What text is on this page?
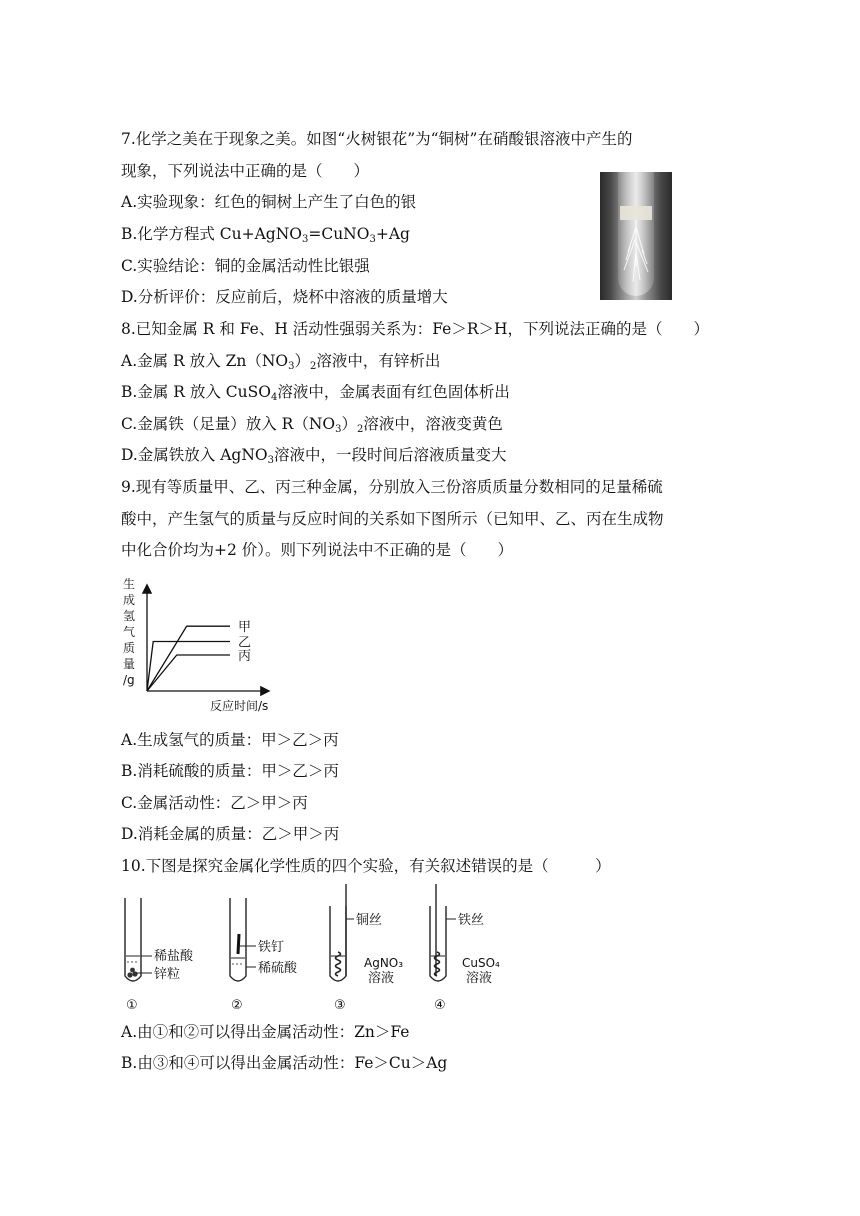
7.化学之美在于现象之美。如图“火树银花”为“铜树”在硝酸银溶液中产生的
现象，下列说法中正确的是（　　）
A.实验现象：红色的铜树上产生了白色的银
B.化学方程式 Cu+AgNO$_3$=CuNO$_3$+Ag
C.实验结论：铜的金属活动性比银强
D.分析评价：反应前后，烧杯中溶液的质量增大
8.已知金属 R 和 Fe、H 活动性强弱关系为：Fe＞R＞H，下列说法正确的是（　　）
A.金属 R 放入 $Zn(NO_3)_2$溶液中，有锌析出
B.金属 R 放入 CuSO$_4$溶液中，金属表面有红色固体析出
C.金属铁（足量）放入 $R(NO_3)_2$溶液中，溶液变黄色
D.金属铁放入 AgNO$_3$溶液中，一段时间后溶液质量变大
9.现有等质量甲、乙、丙三种金属，分别放入三份溶质质量分数相同的足量稀硫
酸中，产生氢气的质量与反应时间的关系如下图所示（已知甲、乙、丙在生成物
中化合价均为+2 价）。则下列说法中不正确的是（　　）
生
成
氢
气
质
量
/g
甲
乙
丙
反应时间/s
A.生成氢气的质量：甲＞乙＞丙
B.消耗硫酸的质量：甲＞乙＞丙
C.金属活动性：乙＞甲＞丙
D.消耗金属的质量：乙＞甲＞丙
10.下图是探究金属化学性质的四个实验，有关叙述错误的是（　　　）
稀盐酸
锌粒
①
铁钉
稀硫酸
②
铜丝
AgNO₃
溶液
③
铁丝
CuSO₄
溶液
④
A.由①和②可以得出金属活动性：Zn＞Fe
B.由③和④可以得出金属活动性：Fe＞Cu＞Ag
